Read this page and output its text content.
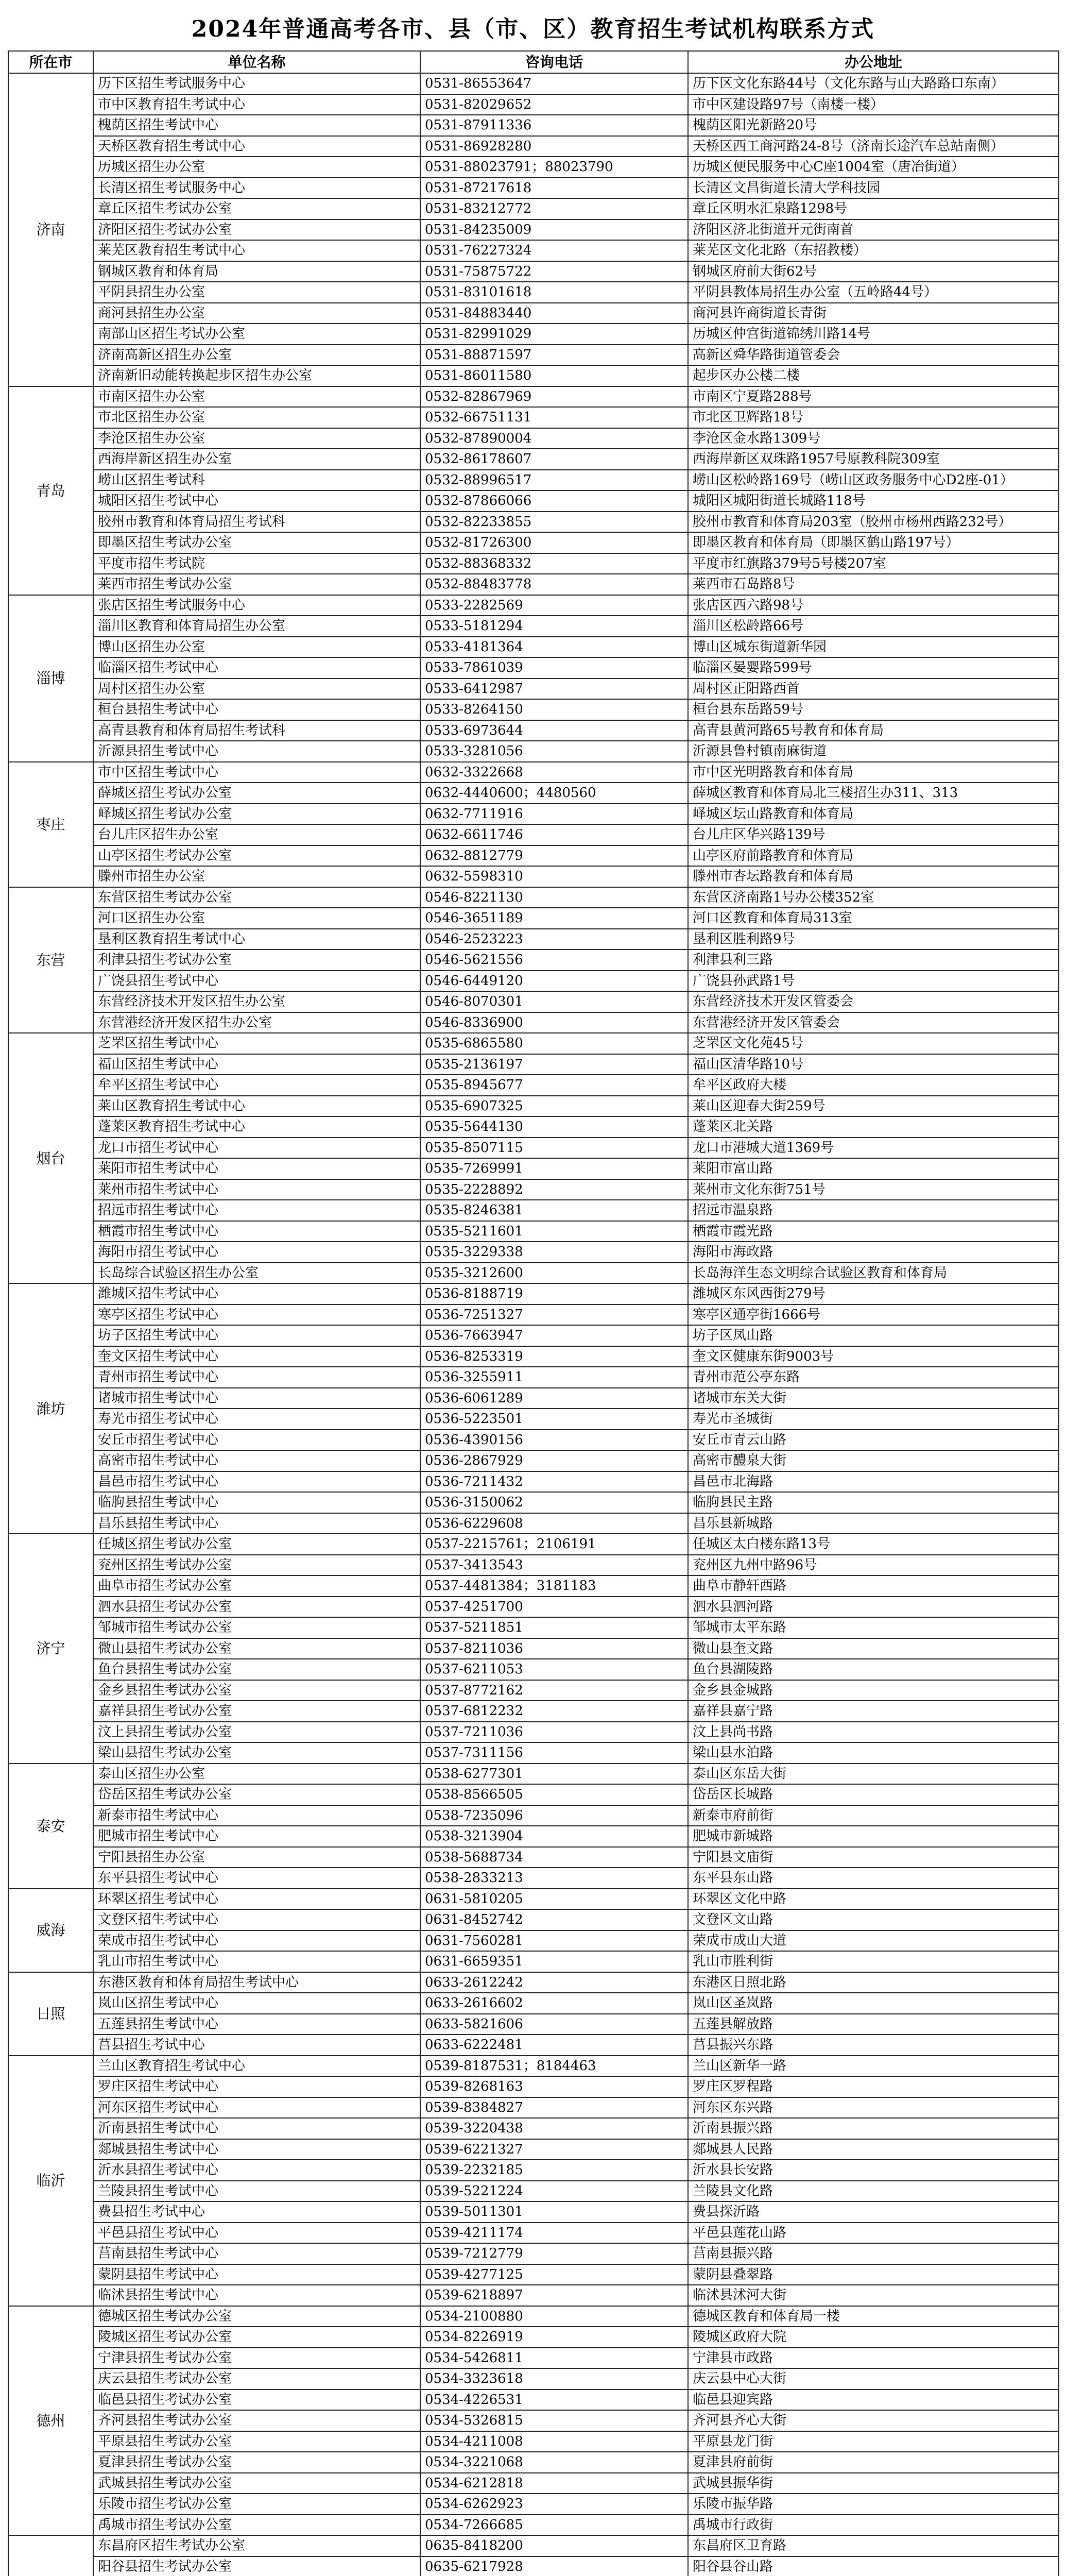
2024年普通高考各市、县（市、区）教育招生考试机构联系方式
所在市	单位名称	咨询电话	办公地址
济南	历下区招生考试服务中心	0531-86553647	历下区文化东路44号（文化东路与山大路路口东南）
	市中区教育招生考试中心	0531-82029652	市中区建设路97号（南楼一楼）
	槐荫区招生考试中心	0531-87911336	槐荫区阳光新路20号
	天桥区教育招生考试中心	0531-86928280	天桥区西工商河路24-8号（济南长途汽车总站南侧）
	历城区招生办公室	0531-88023791；88023790	历城区便民服务中心C座1004室（唐冶街道）
	长清区招生考试服务中心	0531-87217618	长清区文昌街道长清大学科技园
	章丘区招生考试办公室	0531-83212772	章丘区明水汇泉路1298号
	济阳区招生考试办公室	0531-84235009	济阳区济北街道开元街南首
	莱芜区教育招生考试中心	0531-76227324	莱芜区文化北路（东招教楼）
	钢城区教育和体育局	0531-75875722	钢城区府前大街62号
	平阴县招生办公室	0531-83101618	平阴县教体局招生办公室（五岭路44号）
	商河县招生办公室	0531-84883440	商河县许商街道长青街
	南部山区招生考试办公室	0531-82991029	历城区仲宫街道锦绣川路14号
	济南高新区招生办公室	0531-88871597	高新区舜华路街道管委会
	济南新旧动能转换起步区招生办公室	0531-86011580	起步区办公楼二楼
青岛	市南区招生办公室	0532-82867969	市南区宁夏路288号
	市北区招生办公室	0532-66751131	市北区卫辉路18号
	李沧区招生办公室	0532-87890004	李沧区金水路1309号
	西海岸新区招生办公室	0532-86178607	西海岸新区双珠路1957号原教科院309室
	崂山区招生考试科	0532-88996517	崂山区松岭路169号（崂山区政务服务中心D2座-01）
	城阳区招生考试中心	0532-87866066	城阳区城阳街道长城路118号
	胶州市教育和体育局招生考试科	0532-82233855	胶州市教育和体育局203室（胶州市杨州西路232号）
	即墨区招生考试办公室	0532-81726300	即墨区教育和体育局（即墨区鹤山路197号）
	平度市招生考试院	0532-88368332	平度市红旗路379号5号楼207室
	莱西市招生考试办公室	0532-88483778	莱西市石岛路8号
淄博	张店区招生考试服务中心	0533-2282569	张店区西六路98号
	淄川区教育和体育局招生办公室	0533-5181294	淄川区松龄路66号
	博山区招生办公室	0533-4181364	博山区城东街道新华园
	临淄区招生考试中心	0533-7861039	临淄区晏婴路599号
	周村区招生办公室	0533-6412987	周村区正阳路西首
	桓台县招生考试中心	0533-8264150	桓台县东岳路59号
	高青县教育和体育局招生考试科	0533-6973644	高青县黄河路65号教育和体育局
	沂源县招生考试中心	0533-3281056	沂源县鲁村镇南麻街道
枣庄	市中区招生考试中心	0632-3322668	市中区光明路教育和体育局
	薛城区招生考试办公室	0632-4440600；4480560	薛城区教育和体育局北三楼招生办311、313
	峄城区招生考试办公室	0632-7711916	峄城区坛山路教育和体育局
	台儿庄区招生办公室	0632-6611746	台儿庄区华兴路139号
	山亭区招生考试办公室	0632-8812779	山亭区府前路教育和体育局
	滕州市招生办公室	0632-5598310	滕州市杏坛路教育和体育局
东营	东营区招生考试办公室	0546-8221130	东营区济南路1号办公楼352室
	河口区招生办公室	0546-3651189	河口区教育和体育局313室
	垦利区教育招生考试中心	0546-2523223	垦利区胜利路9号
	利津县招生考试办公室	0546-5621556	利津县利三路
	广饶县招生考试中心	0546-6449120	广饶县孙武路1号
	东营经济技术开发区招生办公室	0546-8070301	东营经济技术开发区管委会
	东营港经济开发区招生办公室	0546-8336900	东营港经济开发区管委会
烟台	芝罘区招生考试中心	0535-6865580	芝罘区文化苑45号
	福山区招生考试中心	0535-2136197	福山区清华路10号
	牟平区招生考试中心	0535-8945677	牟平区政府大楼
	莱山区教育招生考试中心	0535-6907325	莱山区迎春大街259号
	蓬莱区教育招生考试中心	0535-5644130	蓬莱区北关路
	龙口市招生考试中心	0535-8507115	龙口市港城大道1369号
	莱阳市招生考试中心	0535-7269991	莱阳市富山路
	莱州市招生考试中心	0535-2228892	莱州市文化东街751号
	招远市招生考试中心	0535-8246381	招远市温泉路
	栖霞市招生考试中心	0535-5211601	栖霞市霞光路
	海阳市招生考试中心	0535-3229338	海阳市海政路
	长岛综合试验区招生办公室	0535-3212600	长岛海洋生态文明综合试验区教育和体育局
潍坊	潍城区招生考试中心	0536-8188719	潍城区东风西街279号
	寒亭区招生考试中心	0536-7251327	寒亭区通亭街1666号
	坊子区招生考试中心	0536-7663947	坊子区凤山路
	奎文区招生考试中心	0536-8253319	奎文区健康东街9003号
	青州市招生考试中心	0536-3255911	青州市范公亭东路
	诸城市招生考试中心	0536-6061289	诸城市东关大街
	寿光市招生考试中心	0536-5223501	寿光市圣城街
	安丘市招生考试中心	0536-4390156	安丘市青云山路
	高密市招生考试中心	0536-2867929	高密市醴泉大街
	昌邑市招生考试中心	0536-7211432	昌邑市北海路
	临朐县招生考试中心	0536-3150062	临朐县民主路
	昌乐县招生考试中心	0536-6229608	昌乐县新城路
济宁	任城区招生考试办公室	0537-2215761；2106191	任城区太白楼东路13号
	兖州区招生考试办公室	0537-3413543	兖州区九州中路96号
	曲阜市招生考试办公室	0537-4481384；3181183	曲阜市静轩西路
	泗水县招生考试办公室	0537-4251700	泗水县泗河路
	邹城市招生考试办公室	0537-5211851	邹城市太平东路
	微山县招生考试办公室	0537-8211036	微山县奎文路
	鱼台县招生考试办公室	0537-6211053	鱼台县湖陵路
	金乡县招生考试办公室	0537-8772162	金乡县金城路
	嘉祥县招生考试办公室	0537-6812232	嘉祥县嘉宁路
	汶上县招生考试办公室	0537-7211036	汶上县尚书路
	梁山县招生考试办公室	0537-7311156	梁山县水泊路
泰安	泰山区招生办公室	0538-6277301	泰山区东岳大街
	岱岳区招生考试办公室	0538-8566505	岱岳区长城路
	新泰市招生考试中心	0538-7235096	新泰市府前街
	肥城市招生考试中心	0538-3213904	肥城市新城路
	宁阳县招生办公室	0538-5688734	宁阳县文庙街
	东平县招生考试中心	0538-2833213	东平县东山路
威海	环翠区招生考试中心	0631-5810205	环翠区文化中路
	文登区招生考试中心	0631-8452742	文登区文山路
	荣成市招生考试中心	0631-7560281	荣成市成山大道
	乳山市招生考试中心	0631-6659351	乳山市胜利街
日照	东港区教育和体育局招生考试中心	0633-2612242	东港区日照北路
	岚山区招生考试中心	0633-2616602	岚山区圣岚路
	五莲县招生考试中心	0633-5821606	五莲县解放路
	莒县招生考试中心	0633-6222481	莒县振兴东路
临沂	兰山区教育招生考试中心	0539-8187531；8184463	兰山区新华一路
	罗庄区招生考试中心	0539-8268163	罗庄区罗程路
	河东区招生考试中心	0539-8384827	河东区东兴路
	沂南县招生考试中心	0539-3220438	沂南县振兴路
	郯城县招生考试中心	0539-6221327	郯城县人民路
	沂水县招生考试中心	0539-2232185	沂水县长安路
	兰陵县招生考试中心	0539-5221224	兰陵县文化路
	费县招生考试中心	0539-5011301	费县探沂路
	平邑县招生考试中心	0539-4211174	平邑县莲花山路
	莒南县招生考试中心	0539-7212779	莒南县振兴路
	蒙阴县招生考试中心	0539-4277125	蒙阴县叠翠路
	临沭县招生考试中心	0539-6218897	临沭县沭河大街
德州	德城区招生考试办公室	0534-2100880	德城区教育和体育局一楼
	陵城区招生考试办公室	0534-8226919	陵城区政府大院
	宁津县招生考试办公室	0534-5426811	宁津县市政路
	庆云县招生考试办公室	0534-3323618	庆云县中心大街
	临邑县招生考试办公室	0534-4226531	临邑县迎宾路
	齐河县招生考试办公室	0534-5326815	齐河县齐心大街
	平原县招生考试办公室	0534-4211008	平原县龙门街
	夏津县招生考试办公室	0534-3221068	夏津县府前街
	武城县招生考试办公室	0534-6212818	武城县振华街
	乐陵市招生考试办公室	0534-6262923	乐陵市振华路
	禹城市招生考试办公室	0534-7266685	禹城市行政街
	东昌府区招生考试办公室	0635-8418200	东昌府区卫育路
	阳谷县招生考试办公室	0635-6217928	阳谷县谷山路
